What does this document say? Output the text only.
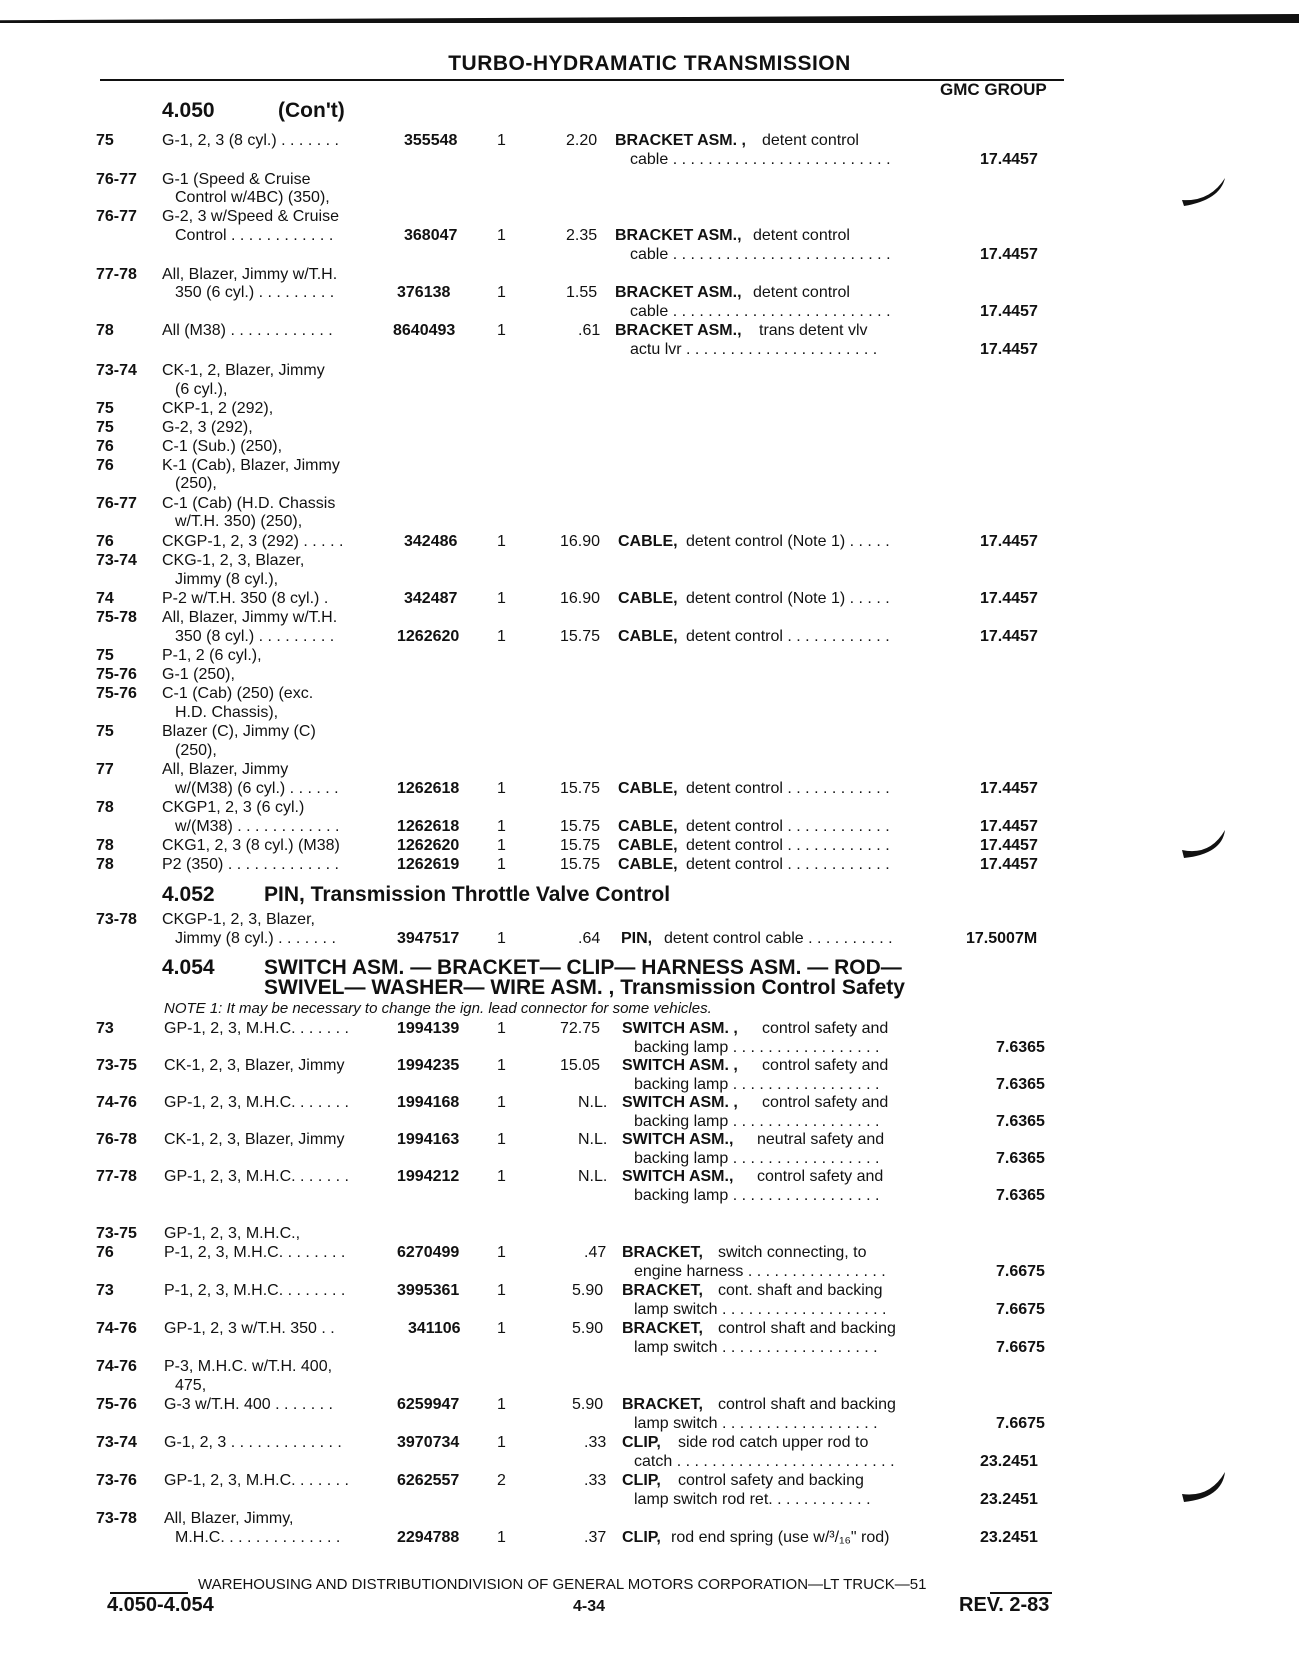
TURBO-HYDRAMATIC TRANSMISSION
GMC GROUP
4.050	(Con't)
4.052 PIN, Transmission Throttle Valve Control
4.054 SWITCH ASM. — BRACKET— CLIP— HARNESS ASM. — ROD—
SWIVEL— WASHER— WIRE ASM. , Transmission Control Safety
NOTE 1: It may be necessary to change the ign. lead connector for some vehicles.
75	G-1, 2, 3 (8 cyl.) . . . . . . .	355548 1	2.20 BRACKET ASM. , detent control
cable . . . . . . . . . . . . . . . . . . . . . . . . .	17.4457
76-77 G-1 (Speed & Cruise
Control w/4BC) (350),
76-77 G-2, 3 w/Speed & Cruise
Control . . . . . . . . . . . .	368047 1	2.35 BRACKET ASM., detent control
cable . . . . . . . . . . . . . . . . . . . . . . . . .	17.4457
77-78 All, Blazer, Jimmy w/T.H.
350 (6 cyl.) . . . . . . . . .	376138	1	1.55 BRACKET ASM., detent control
cable . . . . . . . . . . . . . . . . . . . . . . . . .	17.4457
78	All (M38) . . . . . . . . . . . .	8640493	1	.61 BRACKET ASM., trans detent vlv
actu lvr . . . . . . . . . . . . . . . . . . . . . .	17.4457
73-74 CK-1, 2, Blazer, Jimmy
(6 cyl.),
75	CKP-1, 2 (292),
75	G-2, 3 (292),
76	C-1 (Sub.) (250),
76	K-1 (Cab), Blazer, Jimmy
(250),
76-77 C-1 (Cab) (H.D. Chassis
w/T.H. 350) (250),
76	CKGP-1, 2, 3 (292) . . . . .	342486 1	16.90 CABLE, detent control (Note 1) . . . . .	17.4457
73-74 CKG-1, 2, 3, Blazer,
Jimmy (8 cyl.),
74	P-2 w/T.H. 350 (8 cyl.) .	342487 1	16.90 CABLE, detent control (Note 1) . . . . .	17.4457
75-78 All, Blazer, Jimmy w/T.H.
350 (8 cyl.) . . . . . . . . .	1262620 1	15.75 CABLE, detent control . . . . . . . . . . . .	17.4457
75	P-1, 2 (6 cyl.),
75-76 G-1 (250),
75-76 C-1 (Cab) (250) (exc.
H.D. Chassis),
75	Blazer (C), Jimmy (C)
(250),
77	All, Blazer, Jimmy
w/(M38) (6 cyl.) . . . . . .	1262618 1	15.75 CABLE, detent control . . . . . . . . . . . .	17.4457
78	CKGP1, 2, 3 (6 cyl.)
w/(M38) . . . . . . . . . . . .	1262618 1	15.75 CABLE, detent control . . . . . . . . . . . .	17.4457
78	CKG1, 2, 3 (8 cyl.) (M38)	1262620 1	15.75 CABLE, detent control . . . . . . . . . . . .	17.4457
78	P2 (350) . . . . . . . . . . . . .	1262619 1	15.75 CABLE, detent control . . . . . . . . . . . .	17.4457
73-78 CKGP-1, 2, 3, Blazer,
Jimmy (8 cyl.) . . . . . . .	3947517 1	.64 PIN, detent control cable . . . . . . . . . .	17.5007M
73	GP-1, 2, 3, M.H.C. . . . . . .	1994139 1	72.75 SWITCH ASM. , control safety and
backing lamp . . . . . . . . . . . . . . . . .	7.6365
73-75 CK-1, 2, 3, Blazer, Jimmy	1994235 1	15.05 SWITCH ASM. , control safety and
backing lamp . . . . . . . . . . . . . . . . .	7.6365
74-76 GP-1, 2, 3, M.H.C. . . . . . .	1994168 1	N.L. SWITCH ASM. , control safety and
backing lamp . . . . . . . . . . . . . . . . .	7.6365
76-78 CK-1, 2, 3, Blazer, Jimmy	1994163 1	N.L. SWITCH ASM., neutral safety and
backing lamp . . . . . . . . . . . . . . . . .	7.6365
77-78 GP-1, 2, 3, M.H.C. . . . . . .	1994212 1	N.L. SWITCH ASM., control safety and
backing lamp . . . . . . . . . . . . . . . . .	7.6365
73-75 GP-1, 2, 3, M.H.C.,
76	P-1, 2, 3, M.H.C. . . . . . . .	6270499 1	.47 BRACKET, switch connecting, to
engine harness . . . . . . . . . . . . . . . .	7.6675
73	P-1, 2, 3, M.H.C. . . . . . . .	3995361 1	5.90 BRACKET, cont. shaft and backing
lamp switch . . . . . . . . . . . . . . . . . . .	7.6675
74-76 GP-1, 2, 3 w/T.H. 350 . .	341106 1	5.90 BRACKET, control shaft and backing
lamp switch . . . . . . . . . . . . . . . . . .	7.6675
74-76 P-3, M.H.C. w/T.H. 400,
475,
75-76 G-3 w/T.H. 400 . . . . . . .	6259947 1	5.90 BRACKET, control shaft and backing
lamp switch . . . . . . . . . . . . . . . . . .	7.6675
73-74 G-1, 2, 3 . . . . . . . . . . . . .	3970734 1	.33 CLIP, side rod catch upper rod to
catch . . . . . . . . . . . . . . . . . . . . . . . . .	23.2451
73-76 GP-1, 2, 3, M.H.C. . . . . . .	6262557 2	.33 CLIP, control safety and backing
lamp switch rod ret. . . . . . . . . . . .	23.2451
73-78 All, Blazer, Jimmy,
M.H.C. . . . . . . . . . . . . .	2294788 1	.37 CLIP, rod end spring (use w/³/₁₆" rod)	23.2451
WAREHOUSING AND DISTRIBUTIONDIVISION OF GENERAL MOTORS CORPORATION—LT TRUCK—51
4.050-4.054	4-34	REV. 2-83
